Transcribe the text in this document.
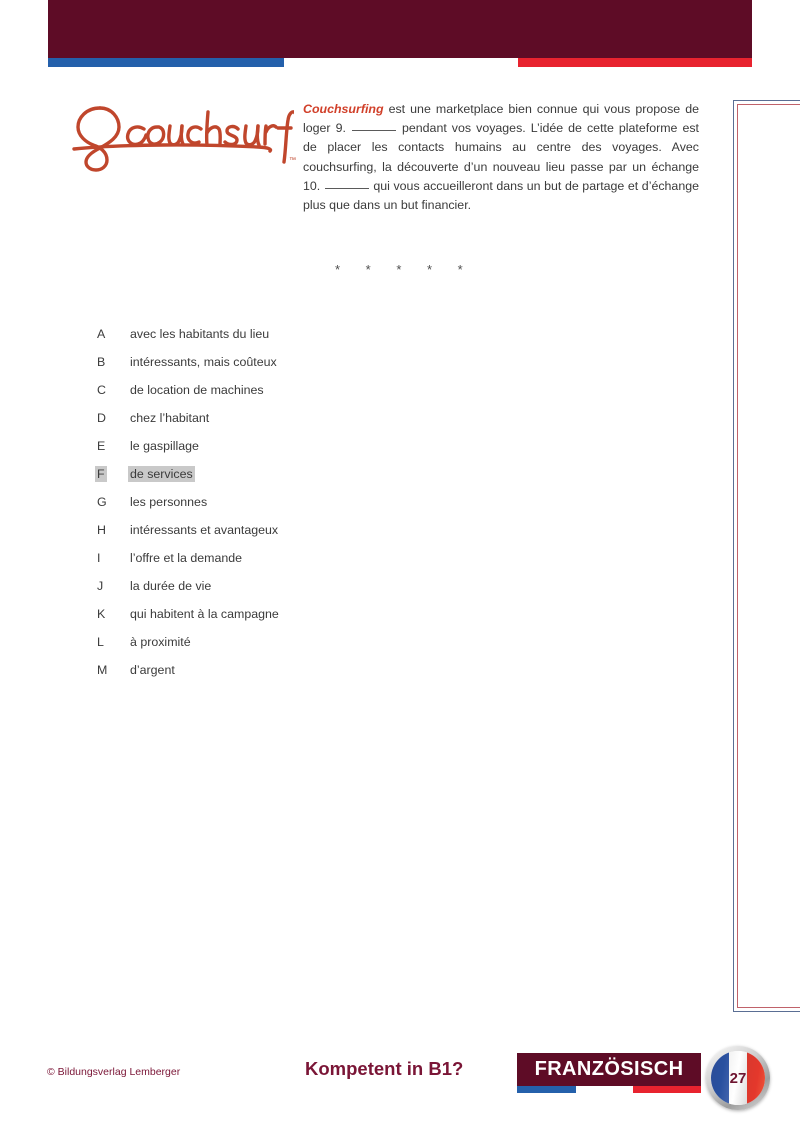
Chapitre 1 – Lire 1
™
Couchsurfing est une marketplace bien connue qui vous propose de loger 9.	pendant vos voyages. L’idée de cette plateforme est de placer les contacts humains au centre des voyages. Avec couchsurfing, la découverte d’un nouveau lieu passe par un échange 10.	qui vous accueilleront dans un but de partage et d’échange plus que dans un but financier.
* * * * *
A	avec les habitants du lieu
B	intéressants, mais coûteux
C	de location de machines
D	chez l’habitant
E	le gaspillage
F	de services
G	les personnes
H	intéressants et avantageux
I	l’offre et la demande
J	la durée de vie
K	qui habitent à la campagne
L	à proximité
M	d’argent
© Bildungsverlag Lemberger	Kompetent in B1?	FRANZÖSISCH	27
